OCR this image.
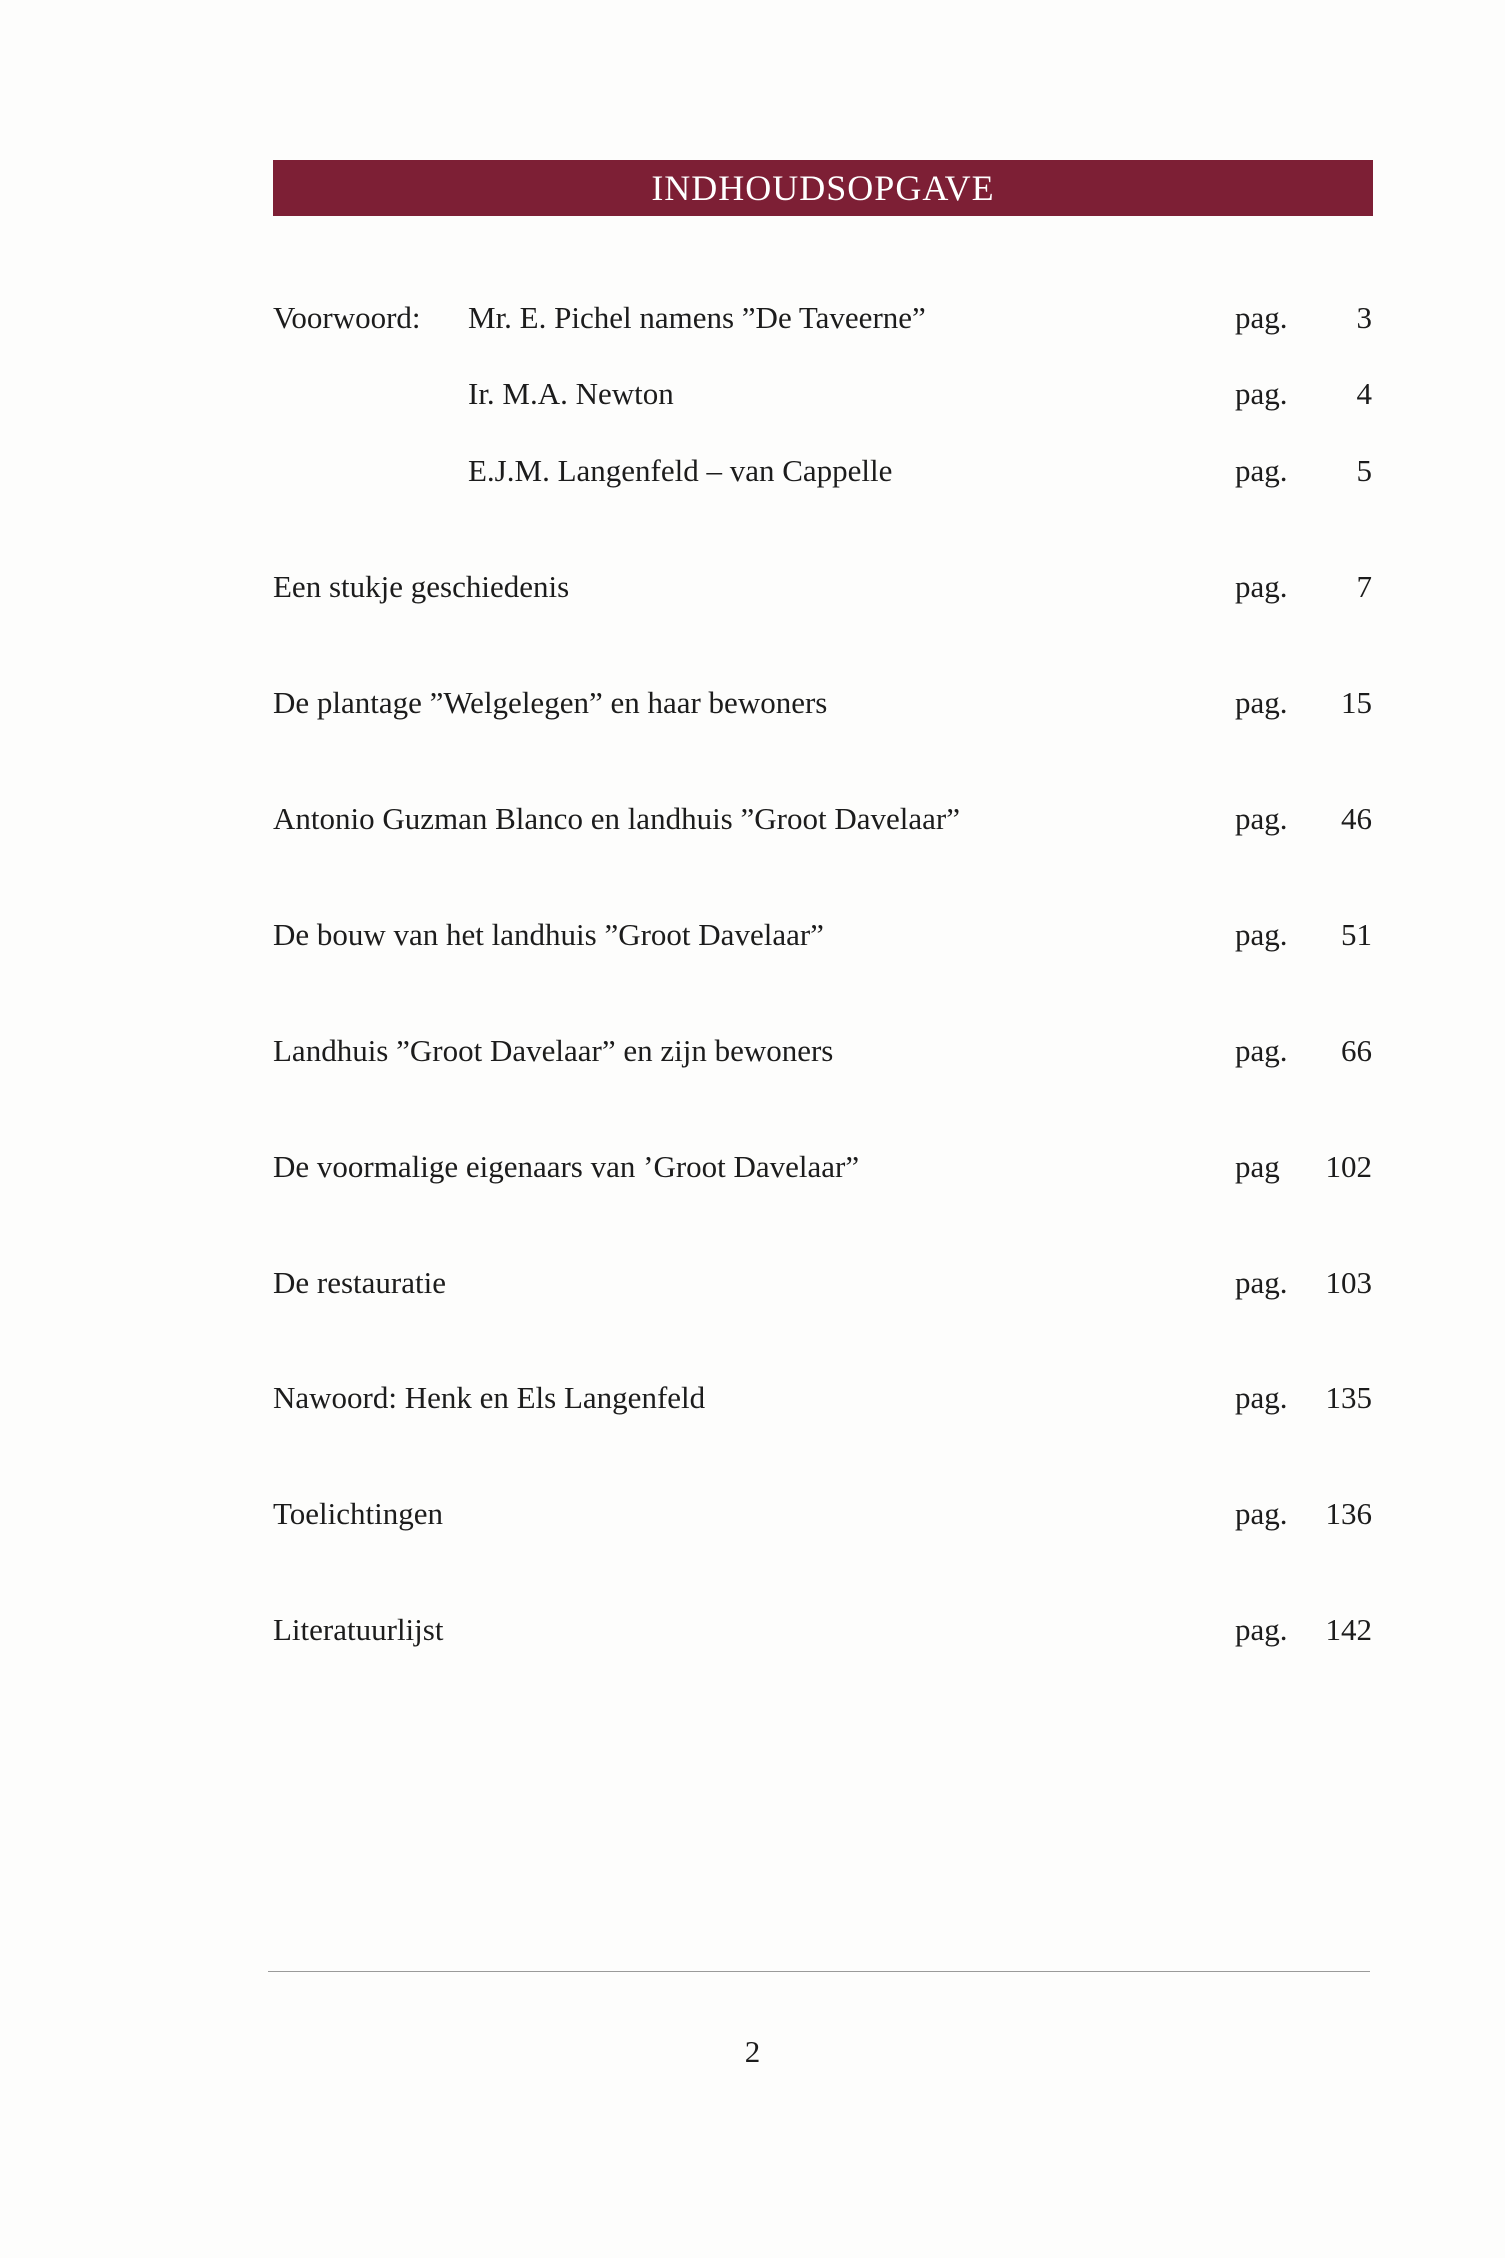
INDHOUDSOPGAVE
Voorwoord: Mr. E. Pichel namens ”De Taveerne”	pag. 3
Ir. M.A. Newton	pag. 4
E.J.M. Langenfeld – van Cappelle	pag. 5
Een stukje geschiedenis	pag. 7
De plantage ”Welgelegen” en haar bewoners	pag. 15
Antonio Guzman Blanco en landhuis ”Groot Davelaar”	pag. 46
De bouw van het landhuis ”Groot Davelaar”	pag. 51
Landhuis ”Groot Davelaar” en zijn bewoners	pag. 66
De voormalige eigenaars van ’Groot Davelaar”	pag 102
De restauratie	pag. 103
Nawoord: Henk en Els Langenfeld	pag. 135
Toelichtingen	pag. 136
Literatuurlijst	pag. 142
2
